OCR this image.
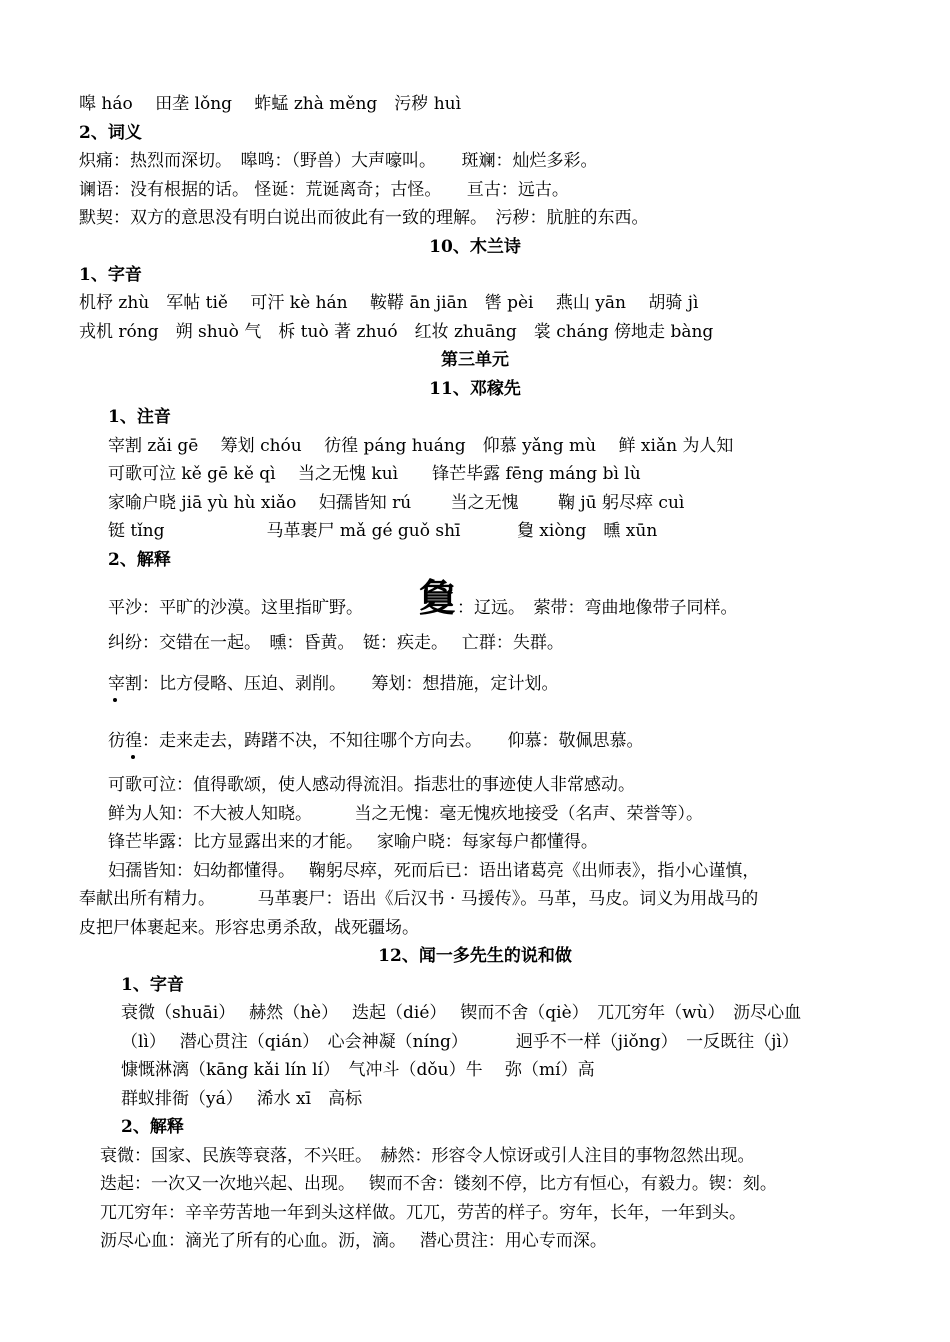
嗥 háo　 田垄 lǒng　 蚱蜢 zhà měng　污秽 huì
2、词义
炽痛：热烈而深切。　嗥鸣：（野兽）大声嚎叫。　　斑斓：灿烂多彩。
谰语：没有根据的话。 怪诞：荒诞离奇；古怪。　　亘古：远古。
默契：双方的意思没有明白说出而彼此有一致的理解。　污秽：肮脏的东西。
10、木兰诗
1、字音
机杼 zhù　军帖 tiě　 可汗 kè hán　 鞍鞯 ān jiān　辔 pèi　 燕山 yān　 胡骑 jì
戎机 róng　朔 shuò 气　柝 tuò 著 zhuó　红妆 zhuāng　裳 cháng 傍地走 bàng
第三单元
11、邓稼先
1、注音
宰割 zǎi gē　 筹划 chóu　 彷徨 páng huáng　仰慕 yǎng mù　 鲜 xiǎn 为人知
可歌可泣 kě gē kě qì　 当之无愧 kuì　　锋芒毕露 fēng máng bì lù
家喻户晓 jiā yù hù xiǎo　 妇孺皆知 rú　　 当之无愧　　 鞠 jū 躬尽瘁 cuì
铤 tǐng　　　　　　马革裹尸 mǎ gé guǒ shī　　　 敻 xiòng　曛 xūn
2、解释
平沙：平旷的沙漠。这里指旷野。 敻 ：辽远。　萦带：弯曲地像带子同样。
纠纷：交错在一起。　曛：昏黄。　铤：疾走。　 亡群：失群。
宰割：比方侵略、压迫、剥削。　　筹划：想措施，定计划。
彷徨：走来走去，踌躇不决，不知往哪个方向去。　　仰慕：敬佩思慕。
可歌可泣：值得歌颂，使人感动得流泪。指悲壮的事迹使人非常感动。
鲜为人知：不大被人知晓。　　　当之无愧：毫无愧疚地接受（名声、荣誉等）。
锋芒毕露：比方显露出来的才能。　 家喻户晓：每家每户都懂得。
妇孺皆知：妇幼都懂得。　 鞠躬尽瘁，死而后已：语出诸葛亮《出师表》，指小心谨慎，
奉献出所有精力。　　　马革裹尸：语出《后汉书 · 马援传》。马革，马皮。词义为用战马的
皮把尸体裹起来。形容忠勇杀敌，战死疆场。
12、闻一多先生的说和做
1、字音
衰微（shuāi）　 赫然（hè）　 迭起（dié）　 锲而不舍（qiè）　兀兀穷年（wù）　沥尽心血
（lì）　 潜心贯注（qián）　心会神凝（níng）　　　 迥乎不一样（jiǒng）　一反既往（jì）
慷慨淋漓（kāng kǎi lín lí）　气冲斗（dǒu）牛　 弥（mí）高
群蚁排衙（yá）　 浠水 xī　高标
2、解释
衰微：国家、民族等衰落，不兴旺。　赫然：形容令人惊讶或引人注目的事物忽然出现。
迭起：一次又一次地兴起、出现。　 锲而不舍：镂刻不停，比方有恒心，有毅力。锲：刻。
兀兀穷年：辛辛劳苦地一年到头这样做。兀兀，劳苦的样子。穷年，长年，一年到头。
沥尽心血：滴光了所有的心血。沥，滴。　 潜心贯注：用心专而深。
